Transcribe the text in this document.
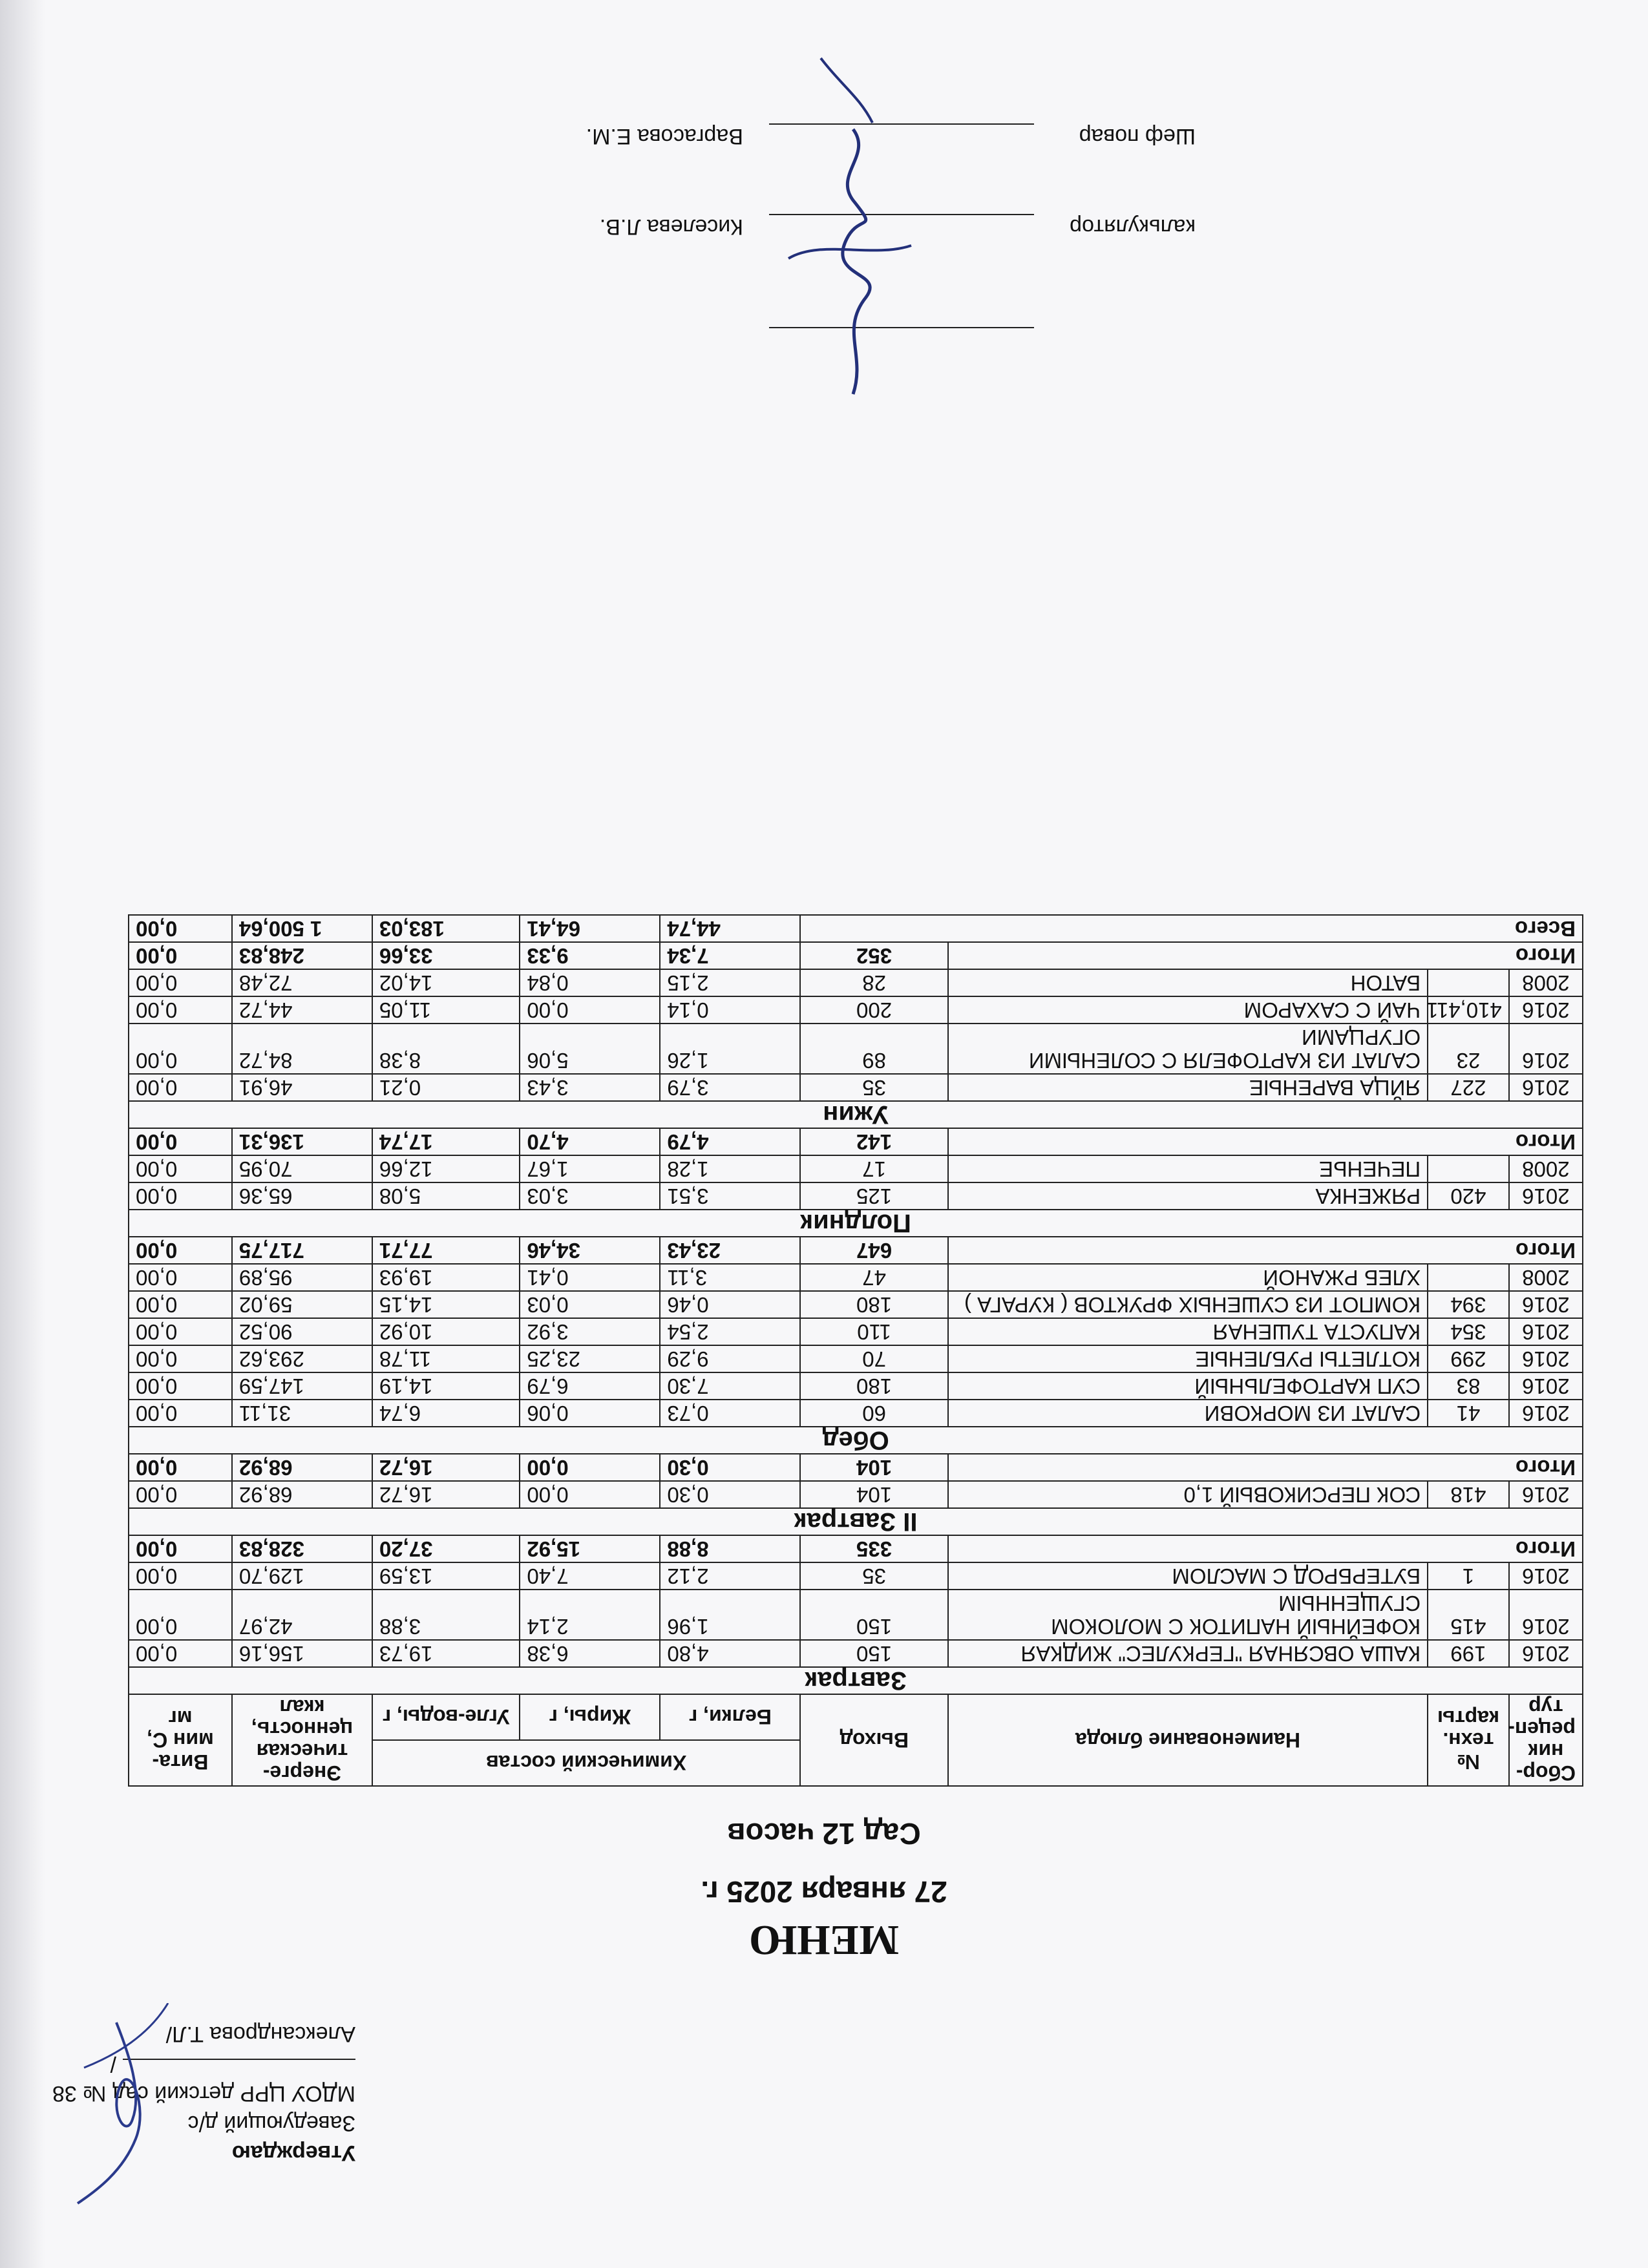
Утверждаю
Заведующий д/с
МДОУ ЦРР детский сад № 38
/Александрова Т.Л/
МЕНЮ
27 января 2025 г.
Сад 12 часов
Сбор-ник рецеп-тур	№ техн. карты	Наименование блюда	Выход	Химический состав			Энерге-тическая ценность, ккал	Вита-мин С, мг
				Белки, г	Жиры, г	Угле-воды, г		
Завтрак								
2016	199	КАША ОВСЯНАЯ "ГЕРКУЛЕС" ЖИДКАЯ	150	4,80	6,38	19,73	156,16	0,00
2016	415	КОФЕЙНЫЙ НАПИТОК С МОЛОКОМ СГУЩЕННЫМ	150	1,96	2,14	3,88	42,97	0,00
2016	1	БУТЕРБРОД С МАСЛОМ	35	2,12	7,40	13,59	129,70	0,00
Итого			335	8,88	15,92	37,20	328,83	0,00
II Завтрак								
2016	418	СОК ПЕРСИКОВЫЙ 1,0	104	0,30	0,00	16,72	68,92	0,00
Итого			104	0,30	0,00	16,72	68,92	0,00
Обед								
2016	41	САЛАТ ИЗ МОРКОВИ	60	0,73	0,06	6,74	31,11	0,00
2016	83	СУП КАРТОФЕЛЬНЫЙ	180	7,30	6,79	14,19	147,59	0,00
2016	299	КОТЛЕТЫ РУБЛЕНЫЕ	70	9,29	23,25	11,78	293,62	0,00
2016	354	КАПУСТА ТУШЕНАЯ	110	2,54	3,92	10,92	90,52	0,00
2016	394	КОМПОТ ИЗ СУШЕНЫХ ФРУКТОВ ( КУРАГА )	180	0,46	0,03	14,15	59,02	0,00
2008		ХЛЕБ РЖАНОЙ	47	3,11	0,41	19,93	95,89	0,00
Итого			647	23,43	34,46	77,71	717,75	0,00
Полдник								
2016	420	РЯЖЕНКА	125	3,51	3,03	5,08	65,36	0,00
2008		ПЕЧЕНЬЕ	17	1,28	1,67	12,66	70,95	0,00
Итого			142	4,79	4,70	17,74	136,31	0,00
Ужин								
2016	227	ЯЙЦА ВАРЕНЫЕ	35	3,79	3,43	0,21	46,91	0,00
2016	23	САЛАТ ИЗ КАРТОФЕЛЯ С СОЛЕНЫМИ ОГУРЦАМИ	89	1,26	5,06	8,38	84,72	0,00
2016	410,411	ЧАЙ С САХАРОМ	200	0,14	0,00	11,05	44,72	0,00
2008		БАТОН	28	2,15	0,84	14,02	72,48	0,00
Итого			352	7,34	9,33	33,66	248,83	0,00
Всего				44,74	64,41	183,03	1 500,64	0,00
калькулятор
Киселева Л.В.
Шеф повар
Варгасова Е.М.
